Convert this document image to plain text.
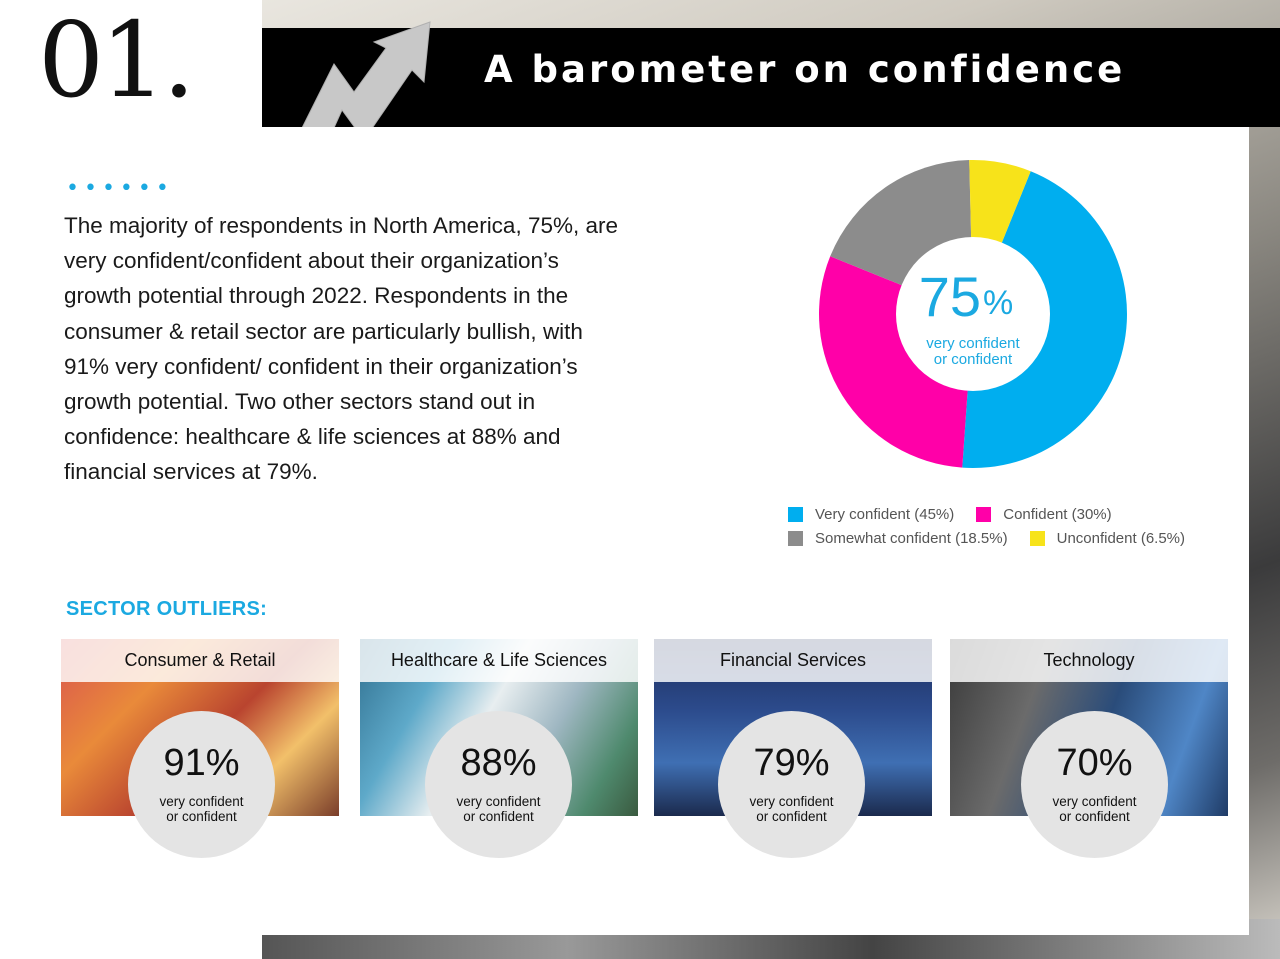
01.	A barometer on confidence
••••••

The majority of respondents in North America, 75%, are very confident/confident about their organization’s growth potential through 2022. Respondents in the consumer & retail sector are particularly bullish, with 91% very confident/ confident in their organization’s growth potential. Two other sectors stand out in confidence: healthcare & life sciences at 88% and financial services at 79%.

75%
very confident
or confident
Very confident (45%)	Confident (30%)
Somewhat confident (18.5%)	Unconfident (6.5%)
SECTOR OUTLIERS:
Consumer & Retail	Healthcare & Life Sciences	Financial Services	Technology
91%
very confident
or confident
88%
very confident
or confident
79%
very confident
or confident
70%
very confident
or confident
